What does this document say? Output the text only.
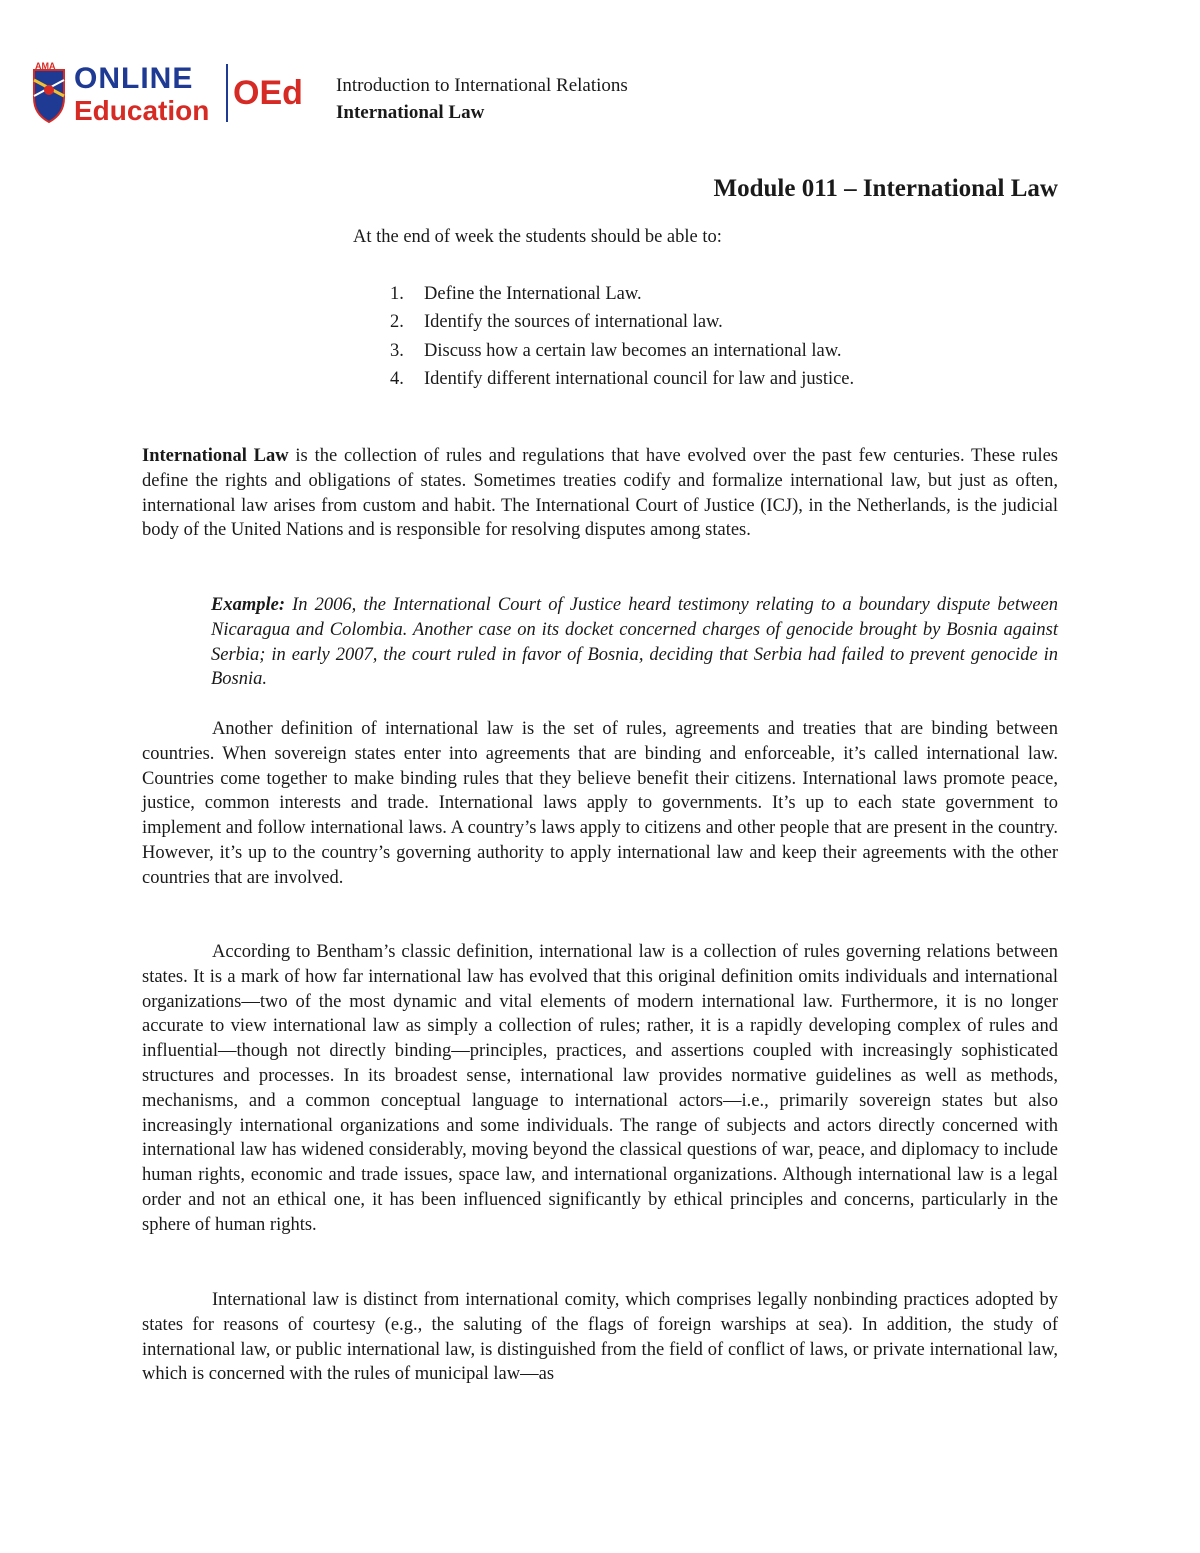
AMA ONLINE
Education OEd Introduction to International Relations
International Law
Module 011 – International Law
At the end of week the students should be able to:
1. Define the International Law.
2. Identify the sources of international law.
3. Discuss how a certain law becomes an international law.
4. Identify different international council for law and justice.

International Law is the collection of rules and regulations that have evolved over the past few centuries. These rules define the rights and obligations of states. Sometimes treaties codify and formalize international law, but just as often, international law arises from custom and habit. The International Court of Justice (ICJ), in the Netherlands, is the judicial body of the United Nations and is responsible for resolving disputes among states.

Example: In 2006, the International Court of Justice heard testimony relating to a boundary dispute between Nicaragua and Colombia. Another case on its docket concerned charges of genocide brought by Bosnia against Serbia; in early 2007, the court ruled in favor of Bosnia, deciding that Serbia had failed to prevent genocide in Bosnia.

Another definition of international law is the set of rules, agreements and treaties that are binding between countries. When sovereign states enter into agreements that are binding and enforceable, it’s called international law. Countries come together to make binding rules that they believe benefit their citizens. International laws promote peace, justice, common interests and trade. International laws apply to governments. It’s up to each state government to implement and follow international laws. A country’s laws apply to citizens and other people that are present in the country. However, it’s up to the country’s governing authority to apply international law and keep their agreements with the other countries that are involved.

According to Bentham’s classic definition, international law is a collection of rules governing relations between states. It is a mark of how far international law has evolved that this original definition omits individuals and international organizations—two of the most dynamic and vital elements of modern international law. Furthermore, it is no longer accurate to view international law as simply a collection of rules; rather, it is a rapidly developing complex of rules and influential—though not directly binding—principles, practices, and assertions coupled with increasingly sophisticated structures and processes. In its broadest sense, international law provides normative guidelines as well as methods, mechanisms, and a common conceptual language to international actors—i.e., primarily sovereign states but also increasingly international organizations and some individuals. The range of subjects and actors directly concerned with international law has widened considerably, moving beyond the classical questions of war, peace, and diplomacy to include human rights, economic and trade issues, space law, and international organizations. Although international law is a legal order and not an ethical one, it has been influenced significantly by ethical principles and concerns, particularly in the sphere of human rights.

International law is distinct from international comity, which comprises legally nonbinding practices adopted by states for reasons of courtesy (e.g., the saluting of the flags of foreign warships at sea). In addition, the study of international law, or public international law, is distinguished from the field of conflict of laws, or private international law, which is concerned with the rules of municipal law—as
